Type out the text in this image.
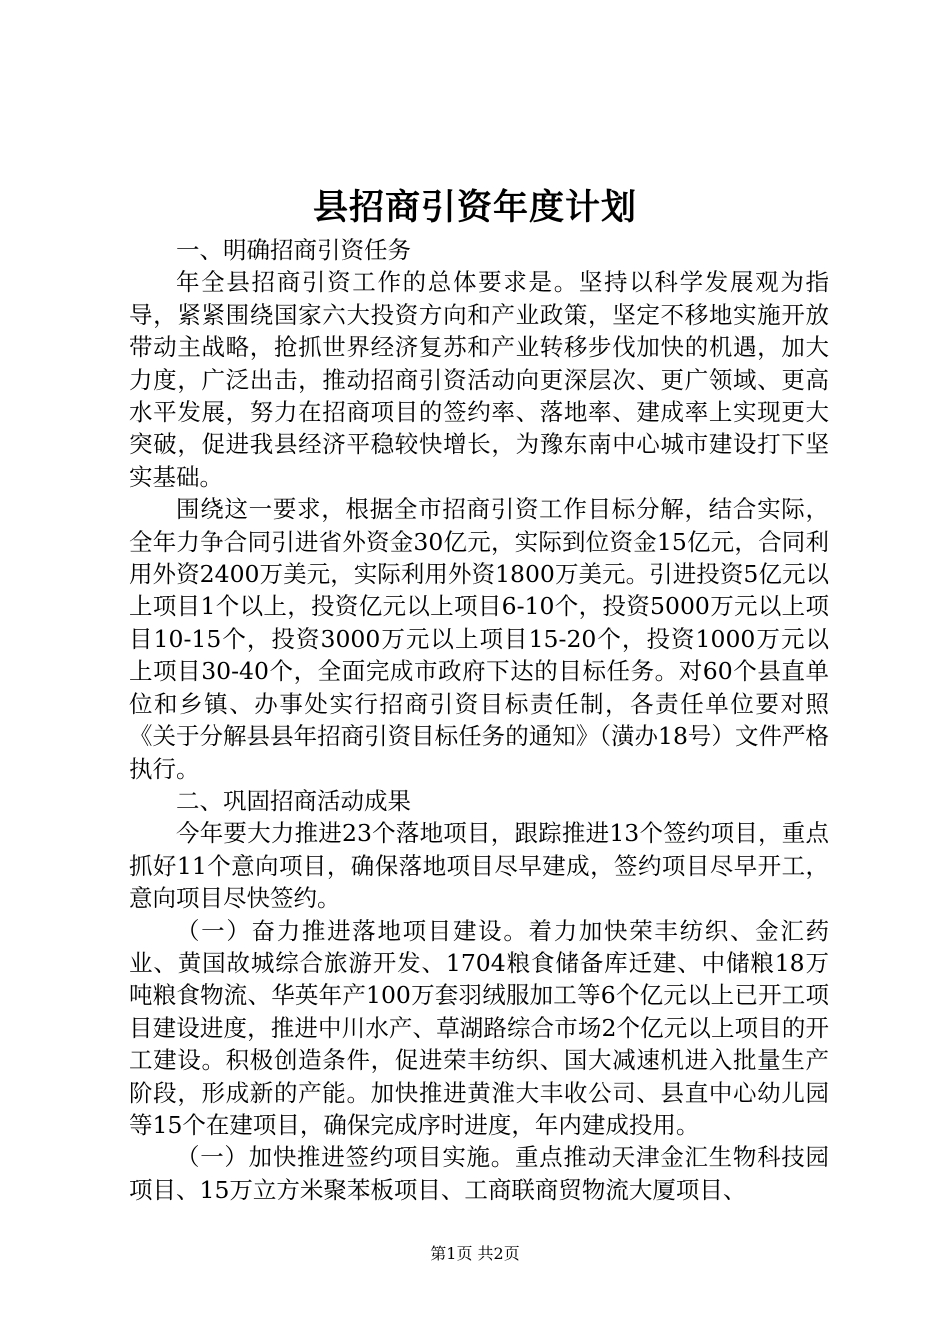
县招商引资年度计划

一、明确招商引资任务

年全县招商引资工作的总体要求是。坚持以科学发展观为指导，紧紧围绕国家六大投资方向和产业政策，坚定不移地实施开放带动主战略，抢抓世界经济复苏和产业转移步伐加快的机遇，加大力度，广泛出击，推动招商引资活动向更深层次、更广领域、更高水平发展，努力在招商项目的签约率、落地率、建成率上实现更大突破，促进我县经济平稳较快增长，为豫东南中心城市建设打下坚实基础。

围绕这一要求，根据全市招商引资工作目标分解，结合实际，全年力争合同引进省外资金30亿元，实际到位资金15亿元，合同利用外资2400万美元，实际利用外资1800万美元。引进投资5亿元以上项目1个以上，投资亿元以上项目6-10个，投资5000万元以上项目10-15个，投资3000万元以上项目15-20个，投资1000万元以上项目30-40个，全面完成市政府下达的目标任务。对60个县直单位和乡镇、办事处实行招商引资目标责任制，各责任单位要对照《关于分解县县年招商引资目标任务的通知》（潢办18号）文件严格执行。

二、巩固招商活动成果

今年要大力推进23个落地项目，跟踪推进13个签约项目，重点抓好11个意向项目，确保落地项目尽早建成，签约项目尽早开工，意向项目尽快签约。

（一）奋力推进落地项目建设。着力加快荣丰纺织、金汇药业、黄国故城综合旅游开发、1704粮食储备库迁建、中储粮18万吨粮食物流、华英年产100万套羽绒服加工等6个亿元以上已开工项目建设进度，推进中川水产、草湖路综合市场2个亿元以上项目的开工建设。积极创造条件，促进荣丰纺织、国大减速机进入批量生产阶段，形成新的产能。加快推进黄淮大丰收公司、县直中心幼儿园等15个在建项目，确保完成序时进度，年内建成投用。

（一）加快推进签约项目实施。重点推动天津金汇生物科技园项目、15万立方米聚苯板项目、工商联商贸物流大厦项目、

第1页 共2页
